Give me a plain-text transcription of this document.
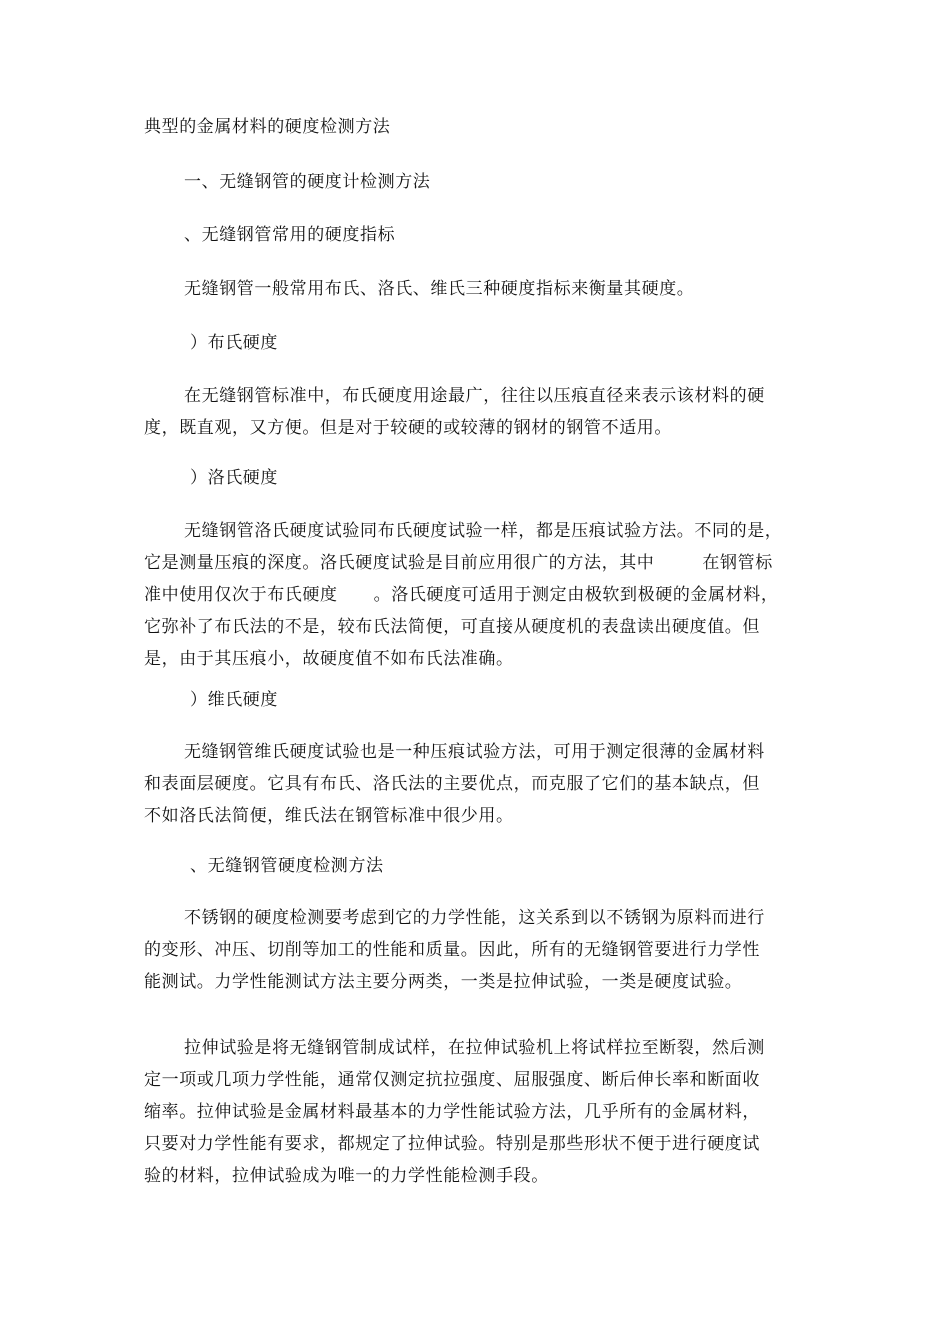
典型的金属材料的硬度检测方法
一、无缝钢管的硬度计检测方法
、无缝钢管常用的硬度指标
无缝钢管一般常用布氏、洛氏、维氏三种硬度指标来衡量其硬度。
）布氏硬度
在无缝钢管标准中，布氏硬度用途最广，往往以压痕直径来表示该材料的硬
度，既直观，又方便。但是对于较硬的或较薄的钢材的钢管不适用。
）洛氏硬度
无缝钢管洛氏硬度试验同布氏硬度试验一样，都是压痕试验方法。不同的是，
它是测量压痕的深度。洛氏硬度试验是目前应用很广的方法，其中        在钢管标
准中使用仅次于布氏硬度      。洛氏硬度可适用于测定由极软到极硬的金属材料，
它弥补了布氏法的不是，较布氏法简便，可直接从硬度机的表盘读出硬度值。但
是，由于其压痕小，故硬度值不如布氏法准确。
）维氏硬度
无缝钢管维氏硬度试验也是一种压痕试验方法，可用于测定很薄的金属材料
和表面层硬度。它具有布氏、洛氏法的主要优点，而克服了它们的基本缺点，但
不如洛氏法简便，维氏法在钢管标准中很少用。
、无缝钢管硬度检测方法
不锈钢的硬度检测要考虑到它的力学性能，这关系到以不锈钢为原料而进行
的变形、冲压、切削等加工的性能和质量。因此，所有的无缝钢管要进行力学性
能测试。力学性能测试方法主要分两类，一类是拉伸试验，一类是硬度试验。
拉伸试验是将无缝钢管制成试样，在拉伸试验机上将试样拉至断裂，然后测
定一项或几项力学性能，通常仅测定抗拉强度、屈服强度、断后伸长率和断面收
缩率。拉伸试验是金属材料最基本的力学性能试验方法，几乎所有的金属材料，
只要对力学性能有要求，都规定了拉伸试验。特别是那些形状不便于进行硬度试
验的材料，拉伸试验成为唯一的力学性能检测手段。
